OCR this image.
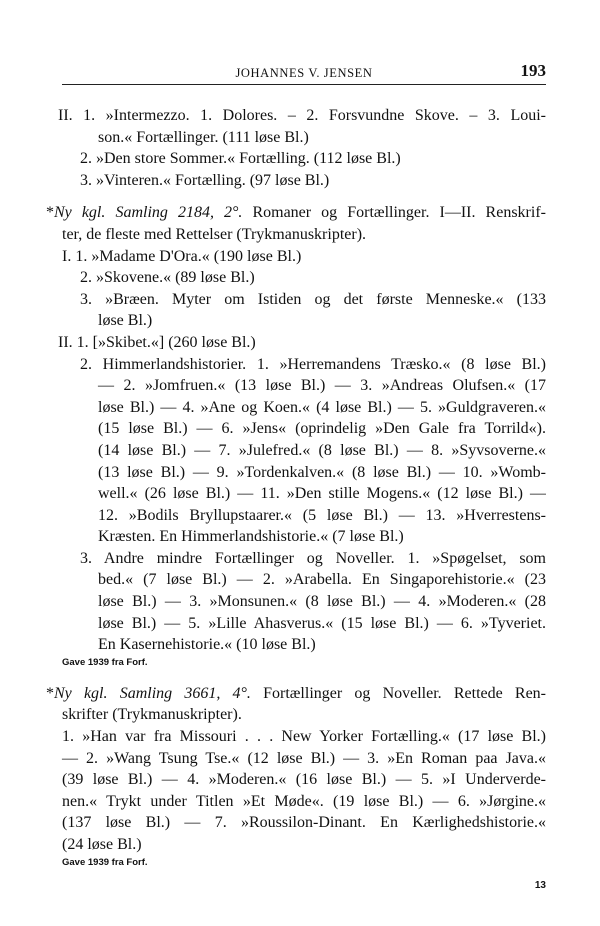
JOHANNES V. JENSEN	193
II. 1. »Intermezzo. 1. Dolores. – 2. Forsvundne Skove. – 3. Loui-
son.« Fortællinger. (111 løse Bl.)
2. »Den store Sommer.« Fortælling. (112 løse Bl.)
3. »Vinteren.« Fortælling. (97 løse Bl.)
*Ny kgl. Samling 2184, 2°. Romaner og Fortællinger. I—II. Renskrif-
ter, de fleste med Rettelser (Trykmanuskripter).
I. 1. »Madame D'Ora.« (190 løse Bl.)
2. »Skovene.« (89 løse Bl.)
3. »Bræen. Myter om Istiden og det første Menneske.« (133
løse Bl.)
II. 1. [»Skibet.«] (260 løse Bl.)
2. Himmerlandshistorier. 1. »Herremandens Træsko.« (8 løse Bl.)
— 2. »Jomfruen.« (13 løse Bl.) — 3. »Andreas Olufsen.« (17
løse Bl.) — 4. »Ane og Koen.« (4 løse Bl.) — 5. »Guldgraveren.«
(15 løse Bl.) — 6. »Jens« (oprindelig »Den Gale fra Torrild«).
(14 løse Bl.) — 7. »Julefred.« (8 løse Bl.) — 8. »Syvsoverne.«
(13 løse Bl.) — 9. »Tordenkalven.« (8 løse Bl.) — 10. »Womb-
well.« (26 løse Bl.) — 11. »Den stille Mogens.« (12 løse Bl.) —
12. »Bodils Bryllupstaarer.« (5 løse Bl.) — 13. »Hverrestens-
Kræsten. En Himmerlandshistorie.« (7 løse Bl.)
3. Andre mindre Fortællinger og Noveller. 1. »Spøgelset, som
bed.« (7 løse Bl.) — 2. »Arabella. En Singaporehistorie.« (23
løse Bl.) — 3. »Monsunen.« (8 løse Bl.) — 4. »Moderen.« (28
løse Bl.) — 5. »Lille Ahasverus.« (15 løse Bl.) — 6. »Tyveriet.
En Kasernehistorie.« (10 løse Bl.)
Gave 1939 fra Forf.
*Ny kgl. Samling 3661, 4°. Fortællinger og Noveller. Rettede Ren-
skrifter (Trykmanuskripter).
1. »Han var fra Missouri . . . New Yorker Fortælling.« (17 løse Bl.)
— 2. »Wang Tsung Tse.« (12 løse Bl.) — 3. »En Roman paa Java.«
(39 løse Bl.) — 4. »Moderen.« (16 løse Bl.) — 5. »I Underverde-
nen.« Trykt under Titlen »Et Møde«. (19 løse Bl.) — 6. »Jørgine.«
(137 løse Bl.) — 7. »Roussilon-Dinant. En Kærlighedshistorie.«
(24 løse Bl.)
Gave 1939 fra Forf.
13
